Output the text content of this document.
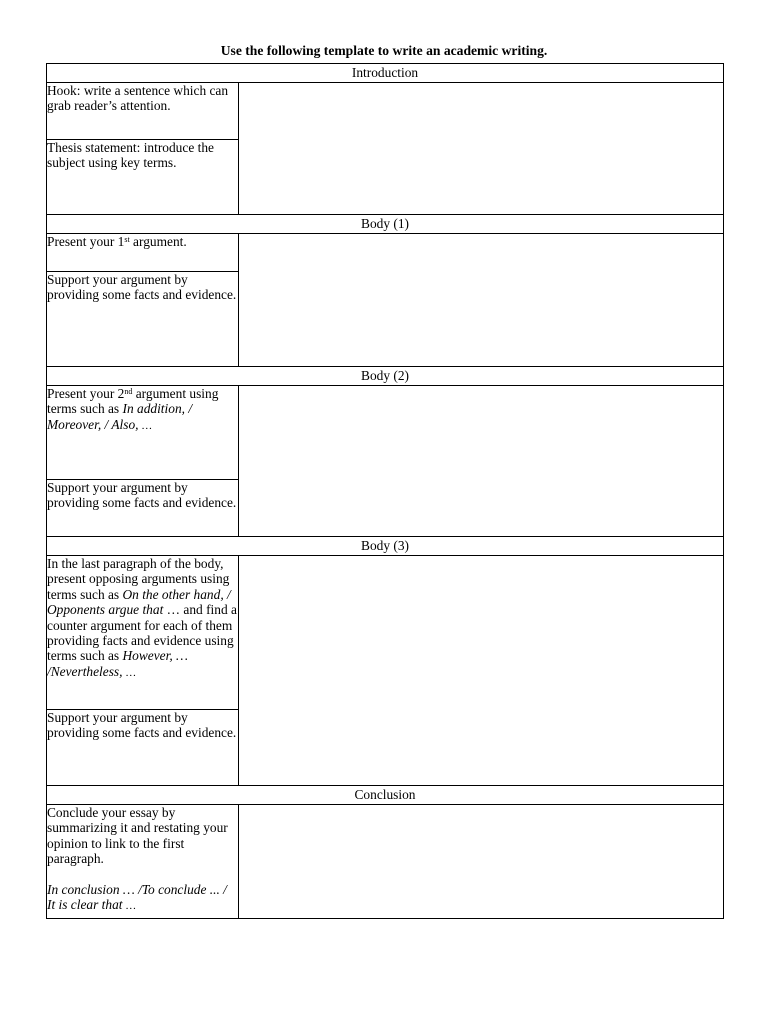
Use the following template to write an academic writing.
Introduction	

Hook: write a sentence which can grab reader’s attention.	

Thesis statement: introduce the subject using key terms.	

Body (1)	

Present your 1st argument.	

Support your argument by providing some facts and evidence.	

Body (2)	

Present your 2nd argument using terms such as In addition, / Moreover, / Also, …	

Support your argument by providing some facts and evidence.	

Body (3)	

In the last paragraph of the body, present opposing arguments using terms such as On the other hand, / Opponents argue that … and find a counter argument for each of them providing facts and evidence using terms such as However, … /Nevertheless, …	

Support your argument by providing some facts and evidence.	

Conclusion	

Conclude your essay by summarizing it and restating your opinion to link to the first paragraph.
In conclusion … /To conclude ... / It is clear that …	
